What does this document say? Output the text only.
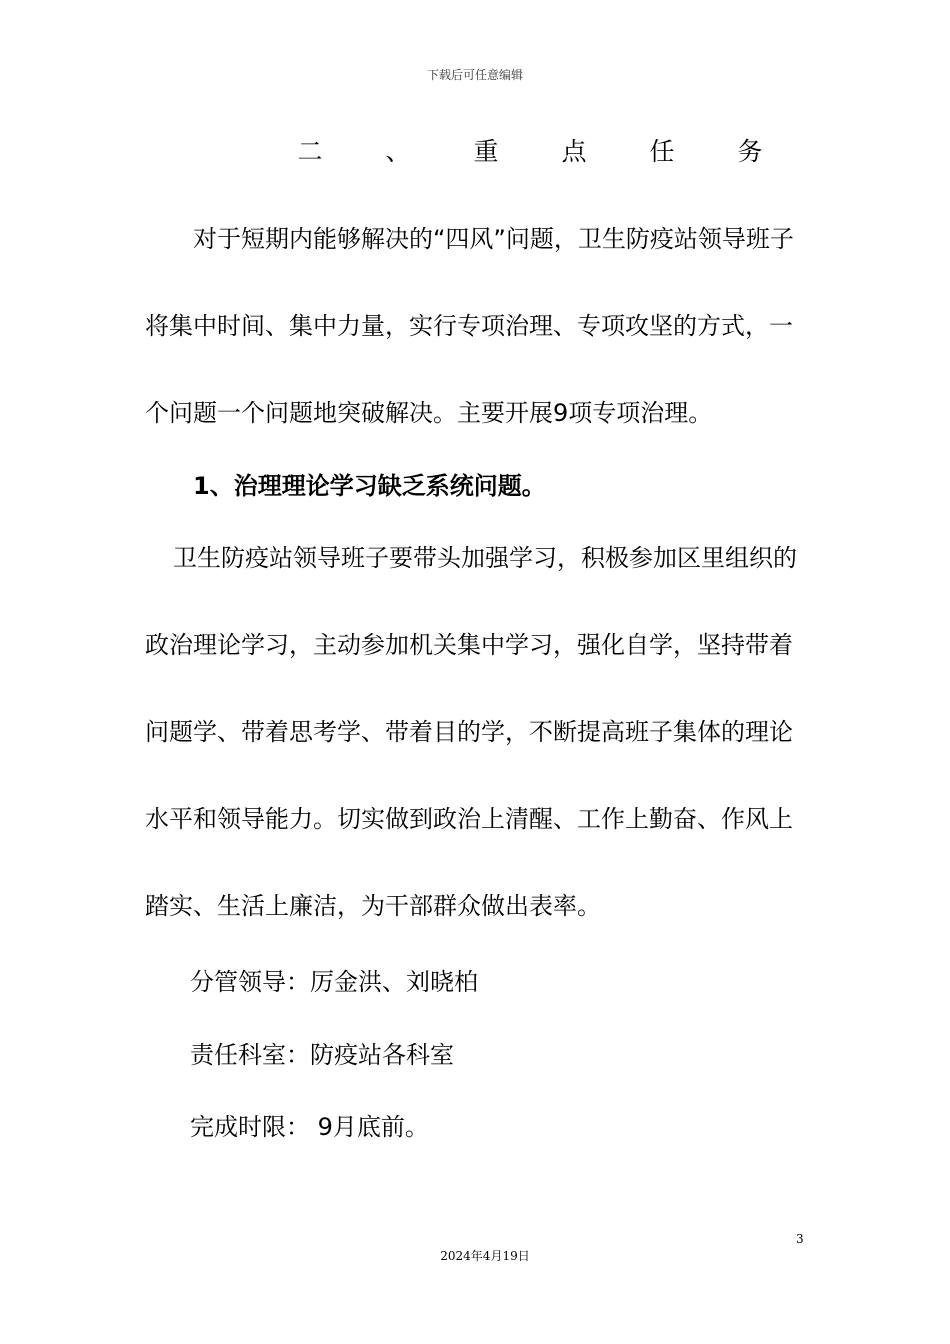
下载后可任意编辑
二	、	重	点	任	务

对于短期内能够解决的“四风”问题，卫生防疫站领导班子将集中时间、集中力量，实行专项治理、专项攻坚的方式，一个问题一个问题地突破解决。主要开展9项专项治理。

1、治理理论学习缺乏系统问题。

卫生防疫站领导班子要带头加强学习，积极参加区里组织的政治理论学习，主动参加机关集中学习，强化自学，坚持带着问题学、带着思考学、带着目的学，不断提高班子集体的理论水平和领导能力。切实做到政治上清醒、工作上勤奋、作风上踏实、生活上廉洁，为干部群众做出表率。

分管领导：厉金洪、刘晓柏
责任科室：防疫站各科室
完成时限： 9月底前。
3
2024年4月19日
